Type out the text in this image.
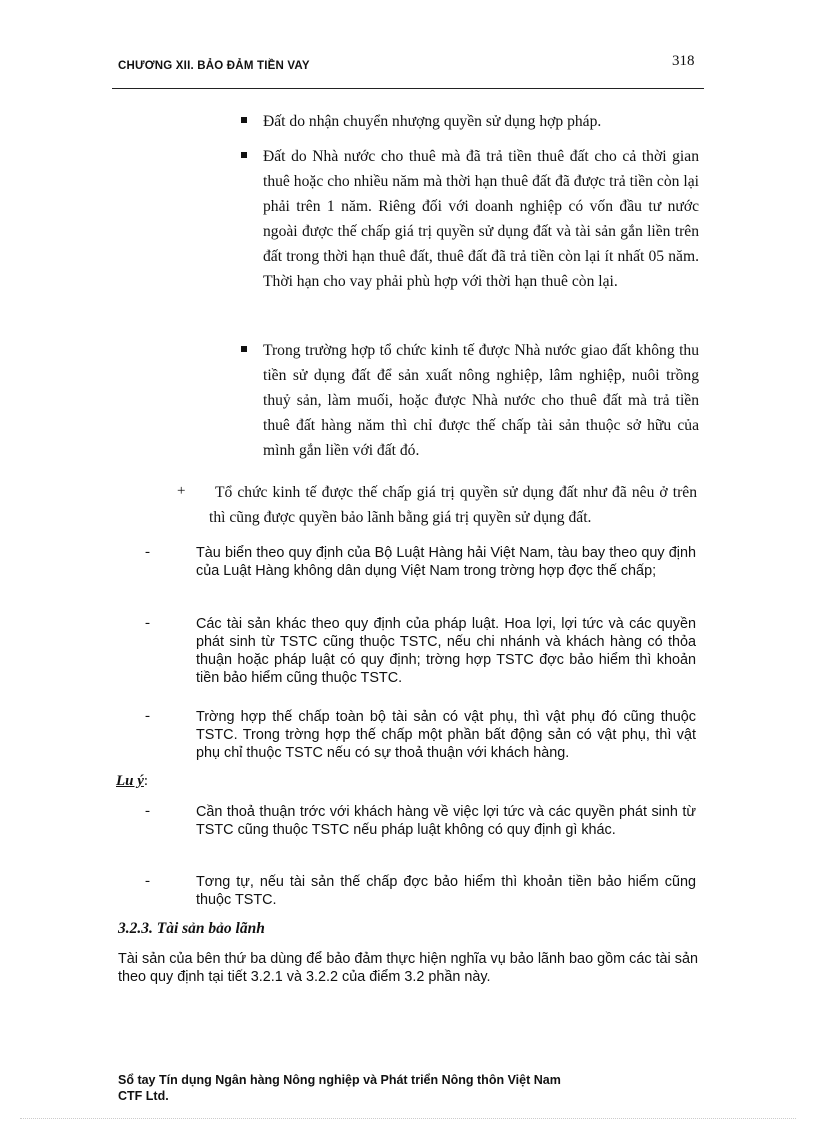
CHƯƠNG XII. BẢO ĐẢM TIỀN VAY	318

Đất do nhận chuyển nhượng quyền sử dụng hợp pháp.

Đất do Nhà nước cho thuê mà đã trả tiền thuê đất cho cả thời gian thuê hoặc cho nhiều năm mà thời hạn thuê đất đã được trả tiền còn lại phải trên 1 năm. Riêng đối với doanh nghiệp có vốn đầu tư nước ngoài được thế chấp giá trị quyền sử dụng đất và tài sản gắn liền trên đất trong thời hạn thuê đất, thuê đất đã trả tiền còn lại ít nhất 05 năm. Thời hạn cho vay phải phù hợp với thời hạn thuê còn lại.

Trong trường hợp tổ chức kinh tế được Nhà nước giao đất không thu tiền sử dụng đất để sản xuất nông nghiệp, lâm nghiệp, nuôi trồng thuỷ sản, làm muối, hoặc được Nhà nước cho thuê đất mà trả tiền thuê đất hàng năm thì chỉ được thế chấp tài sản thuộc sở hữu của mình gắn liền với đất đó.

+	Tổ chức kinh tế được thế chấp giá trị quyền sử dụng đất như đã nêu ở trên thì cũng được quyền bảo lãnh bằng giá trị quyền sử dụng đất.

-	Tàu biển theo quy định của Bộ Luật Hàng hải Việt Nam, tàu bay theo quy định của Luật Hàng không dân dụng Việt Nam trong trờng hợp đợc thế chấp;

-	Các tài sản khác theo quy định của pháp luật. Hoa lợi, lợi tức và các quyền phát sinh từ TSTC cũng thuộc TSTC, nếu chi nhánh và khách hàng có thỏa thuận hoặc pháp luật có quy định; trờng hợp TSTC đợc bảo hiểm thì khoản tiền bảo hiểm cũng thuộc TSTC.

-	Trờng hợp thế chấp toàn bộ tài sản có vật phụ, thì vật phụ đó cũng thuộc TSTC. Trong trờng hợp thế chấp một phần bất động sản có vật phụ, thì vật phụ chỉ thuộc TSTC nếu có sự thoả thuận với khách hàng.

Lu ý:
-	Cần thoả thuận trớc với khách hàng về việc lợi tức và các quyền phát sinh từ TSTC cũng thuộc TSTC nếu pháp luật không có quy định gì khác.

-	Tơng tự, nếu tài sản thế chấp đợc bảo hiểm thì khoản tiền bảo hiểm cũng thuộc TSTC.

3.2.3. Tài sản bảo lãnh

Tài sản của bên thứ ba dùng để bảo đảm thực hiện nghĩa vụ bảo lãnh bao gồm các tài sản theo quy định tại tiết 3.2.1 và 3.2.2 của điểm 3.2 phần này.

Sổ tay Tín dụng Ngân hàng Nông nghiệp và Phát triển Nông thôn Việt Nam
CTF Ltd.
